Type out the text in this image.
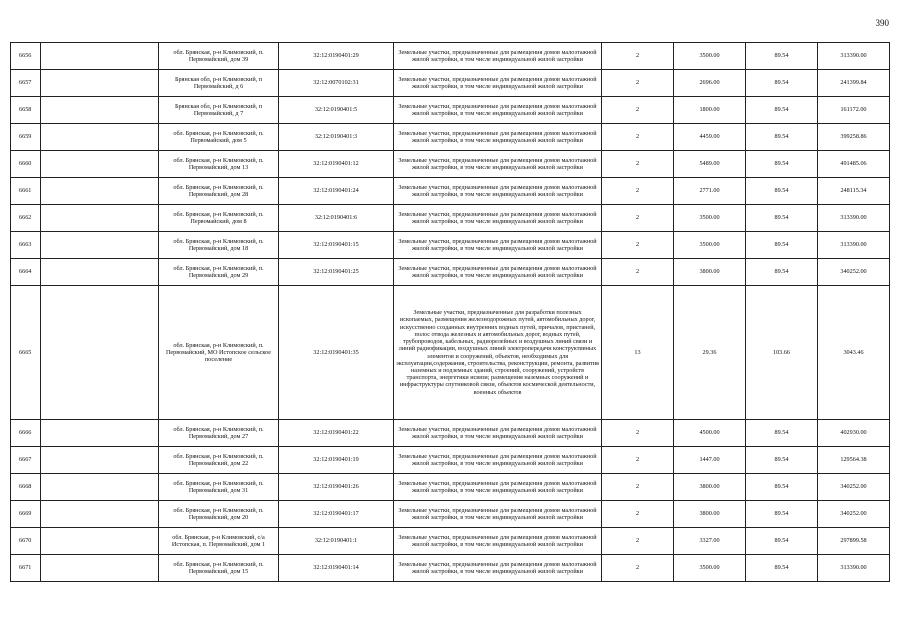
390
6656		обл. Брянская, р-н Климовский, п. Первомайский, дом 39	32:12:0190401:29	Земельные участки, предназначенные для размещения домов малоэтажной жилой застройки, в том числе индивидуальной жилой застройки	2	3500.00	89.54	313390.00
6657		Брянская обл, р-н Климовский, п Первомайский, д 6	32:12:0070102:31	Земельные участки, предназначенные для размещения домов малоэтажной жилой застройки, в том числе индивидуальной жилой застройки	2	2696.00	89.54	241399.84
6658		Брянская обл, р-н Климовский, п Первомайский, д 7	32:12:0190401:5	Земельные участки, предназначенные для размещения домов малоэтажной жилой застройки, в том числе индивидуальной жилой застройки	2	1800.00	89.54	161172.00
6659		обл. Брянская, р-н Климовский, п. Первомайский, дом 5	32:12:0190401:3	Земельные участки, предназначенные для размещения домов малоэтажной жилой застройки, в том числе индивидуальной жилой застройки	2	4459.00	89.54	399258.86
6660		обл. Брянская, р-н Климовский, п. Первомайский, дом 13	32:12:0190401:12	Земельные участки, предназначенные для размещения домов малоэтажной жилой застройки, в том числе индивидуальной жилой застройки	2	5489.00	89.54	491485.06
6661		обл. Брянская, р-н Климовский, п. Первомайский, дом 28	32:12:0190401:24	Земельные участки, предназначенные для размещения домов малоэтажной жилой застройки, в том числе индивидуальной жилой застройки	2	2771.00	89.54	248115.34
6662		обл. Брянская, р-н Климовский, п. Первомайский, дом 8	32:12:0190401:6	Земельные участки, предназначенные для размещения домов малоэтажной жилой застройки, в том числе индивидуальной жилой застройки	2	3500.00	89.54	313390.00
6663		обл. Брянская, р-н Климовский, п. Первомайский, дом 18	32:12:0190401:15	Земельные участки, предназначенные для размещения домов малоэтажной жилой застройки, в том числе индивидуальной жилой застройки	2	3500.00	89.54	313390.00
6664		обл. Брянская, р-н Климовский, п. Первомайский, дом 29	32:12:0190401:25	Земельные участки, предназначенные для размещения домов малоэтажной жилой застройки, в том числе индивидуальной жилой застройки	2	3800.00	89.54	340252.00
6665		обл. Брянская, р-н Климовский, п. Первомайский, МО Истопское сельское поселение	32:12:0190401:35	Земельные участки, предназначенные для разработки полезных ископаемых, размещения железнодорожных путей, автомобильных дорог, искусственно созданных внутренних водных путей, причалов, пристаней, полос отвода железных и автомобильных дорог, водных путей, трубопроводов, кабельных, радиорелейных и воздушных линий связи и линий радиофикации, воздушных линий электропередачи конструктивных элементов и сооружений, объектов, необходимых для эксплуатации,содержания, строительства, реконструкции, ремонта, развития наземных и подземных зданий, строений, сооружений, устройств транспорта, энергетики исвязи; размещения наземных сооружений и инфраструктуры спутниковой связи, объектов космической деятельности, военных объектов	13	29.36	103.66	3043.46
6666		обл. Брянская, р-н Климовский, п. Первомайский, дом 27	32:12:0190401:22	Земельные участки, предназначенные для размещения домов малоэтажной жилой застройки, в том числе индивидуальной жилой застройки	2	4500.00	89.54	402930.00
6667		обл. Брянская, р-н Климовский, п. Первомайский, дом 22	32:12:0190401:19	Земельные участки, предназначенные для размещения домов малоэтажной жилой застройки, в том числе индивидуальной жилой застройки	2	1447.00	89.54	129564.38
6668		обл. Брянская, р-н Климовский, п. Первомайский, дом 31	32:12:0190401:26	Земельные участки, предназначенные для размещения домов малоэтажной жилой застройки, в том числе индивидуальной жилой застройки	2	3800.00	89.54	340252.00
6669		обл. Брянская, р-н Климовский, п. Первомайский, дом 20	32:12:0190401:17	Земельные участки, предназначенные для размещения домов малоэтажной жилой застройки, в том числе индивидуальной жилой застройки	2	3800.00	89.54	340252.00
6670		обл. Брянская, р-н Климовский, с/а Истопская, п. Первомайский, дом 1	32:12:0190401:1	Земельные участки, предназначенные для размещения домов малоэтажной жилой застройки, в том числе индивидуальной жилой застройки	2	3327.00	89.54	297899.58
6671		обл. Брянская, р-н Климовский, п. Первомайский, дом 15	32:12:0190401:14	Земельные участки, предназначенные для размещения домов малоэтажной жилой застройки, в том числе индивидуальной жилой застройки	2	3500.00	89.54	313390.00
